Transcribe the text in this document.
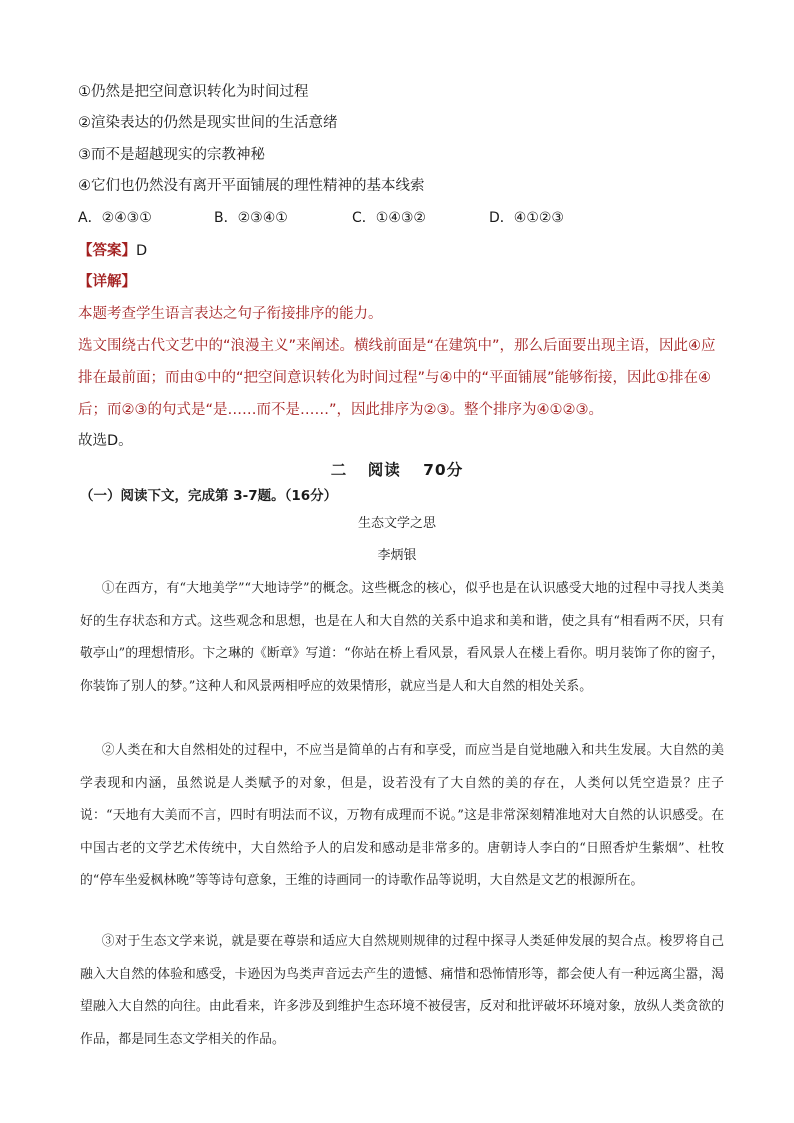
①仍然是把空间意识转化为时间过程
②渲染表达的仍然是现实世间的生活意绪
③而不是超越现实的宗教神秘
④它们也仍然没有离开平面铺展的理性精神的基本线索
A．②④③①	B．②③④①	C．①④③②	D．④①②③
【答案】D
【详解】
本题考查学生语言表达之句子衔接排序的能力。
选文围绕古代文艺中的“浪漫主义”来阐述。横线前面是“在建筑中”，那么后面要出现主语，因此④应
排在最前面；而由①中的“把空间意识转化为时间过程”与④中的“平面铺展”能够衔接，因此①排在④
后；而②③的句式是“是……而不是……”，因此排序为②③。整个排序为④①②③。
故选D。
二 阅读 70分
（一）阅读下文，完成第 3-7题。（16分）
生态文学之思
李炳银
①在西方，有“大地美学”“大地诗学”的概念。这些概念的核心，似乎也是在认识感受大地的过程中寻找人类美好的生存状态和方式。这些观念和思想，也是在人和大自然的关系中追求和美和谐，使之具有“相看两不厌，只有敬亭山”的理想情形。卞之琳的《断章》写道：“你站在桥上看风景，看风景人在楼上看你。明月装饰了你的窗子，你装饰了别人的梦。”这种人和风景两相呼应的效果情形，就应当是人和大自然的相处关系。
②人类在和大自然相处的过程中，不应当是简单的占有和享受，而应当是自觉地融入和共生发展。大自然的美学表现和内涵，虽然说是人类赋予的对象，但是，设若没有了大自然的美的存在，人类何以凭空造景？庄子说：“天地有大美而不言，四时有明法而不议，万物有成理而不说。”这是非常深刻精准地对大自然的认识感受。在中国古老的文学艺术传统中，大自然给予人的启发和感动是非常多的。唐朝诗人李白的“日照香炉生紫烟”、杜牧的“停车坐爱枫林晚”等等诗句意象，王维的诗画同一的诗歌作品等说明，大自然是文艺的根源所在。
③对于生态文学来说，就是要在尊崇和适应大自然规则规律的过程中探寻人类延伸发展的契合点。梭罗将自己融入大自然的体验和感受，卡逊因为鸟类声音远去产生的遗憾、痛惜和恐怖情形等，都会使人有一种远离尘嚣，渴望融入大自然的向往。由此看来，许多涉及到维护生态环境不被侵害，反对和批评破坏环境对象，放纵人类贪欲的作品，都是同生态文学相关的作品。
